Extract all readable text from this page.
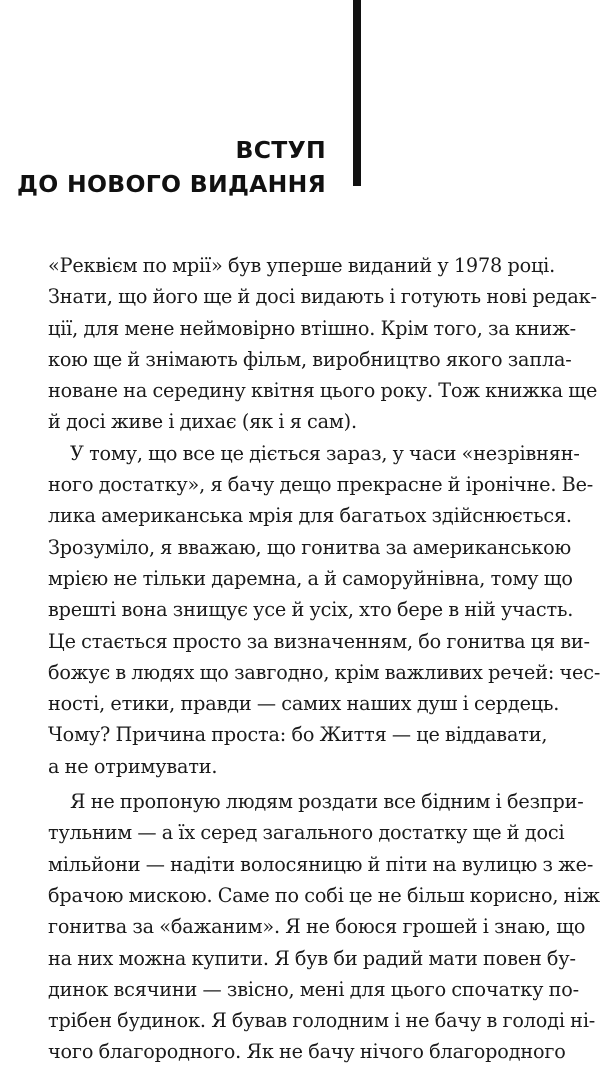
ВСТУП
ДО НОВОГО ВИДАННЯ
«Реквієм по мрії» був уперше виданий у 1978 році.
Знати, що його ще й досі видають і готують нові редак-
ції, для мене неймовірно втішно. Крім того, за книж-
кою ще й знімають фільм, виробництво якого запла-
новане на середину квітня цього року. Тож книжка ще
й досі живе і дихає (як і я сам).
У тому, що все це діється зараз, у часи «незрівнян-
ного достатку», я бачу дещо прекрасне й іронічне. Ве-
лика американська мрія для багатьох здійснюється.
Зрозуміло, я вважаю, що гонитва за американською
мрією не тільки даремна, а й саморуйнівна, тому що
врешті вона знищує усе й усіх, хто бере в ній участь.
Це стається просто за визначенням, бо гонитва ця ви-
божує в людях що завгодно, крім важливих речей: чес-
ності, етики, правди — самих наших душ і сердець.
Чому? Причина проста: бо Життя — це віддавати,
а не отримувати.
Я не пропоную людям роздати все бідним і безпри-
тульним — а їх серед загального достатку ще й досі
мільйони — надіти волосяницю й піти на вулицю з же-
брачою мискою. Саме по собі це не більш корисно, ніж
гонитва за «бажаним». Я не боюся грошей і знаю, що
на них можна купити. Я був би радий мати повен бу-
динок всячини — звісно, мені для цього спочатку по-
трібен будинок. Я бував голодним і не бачу в голоді ні-
чого благородного. Як не бачу нічого благородного
